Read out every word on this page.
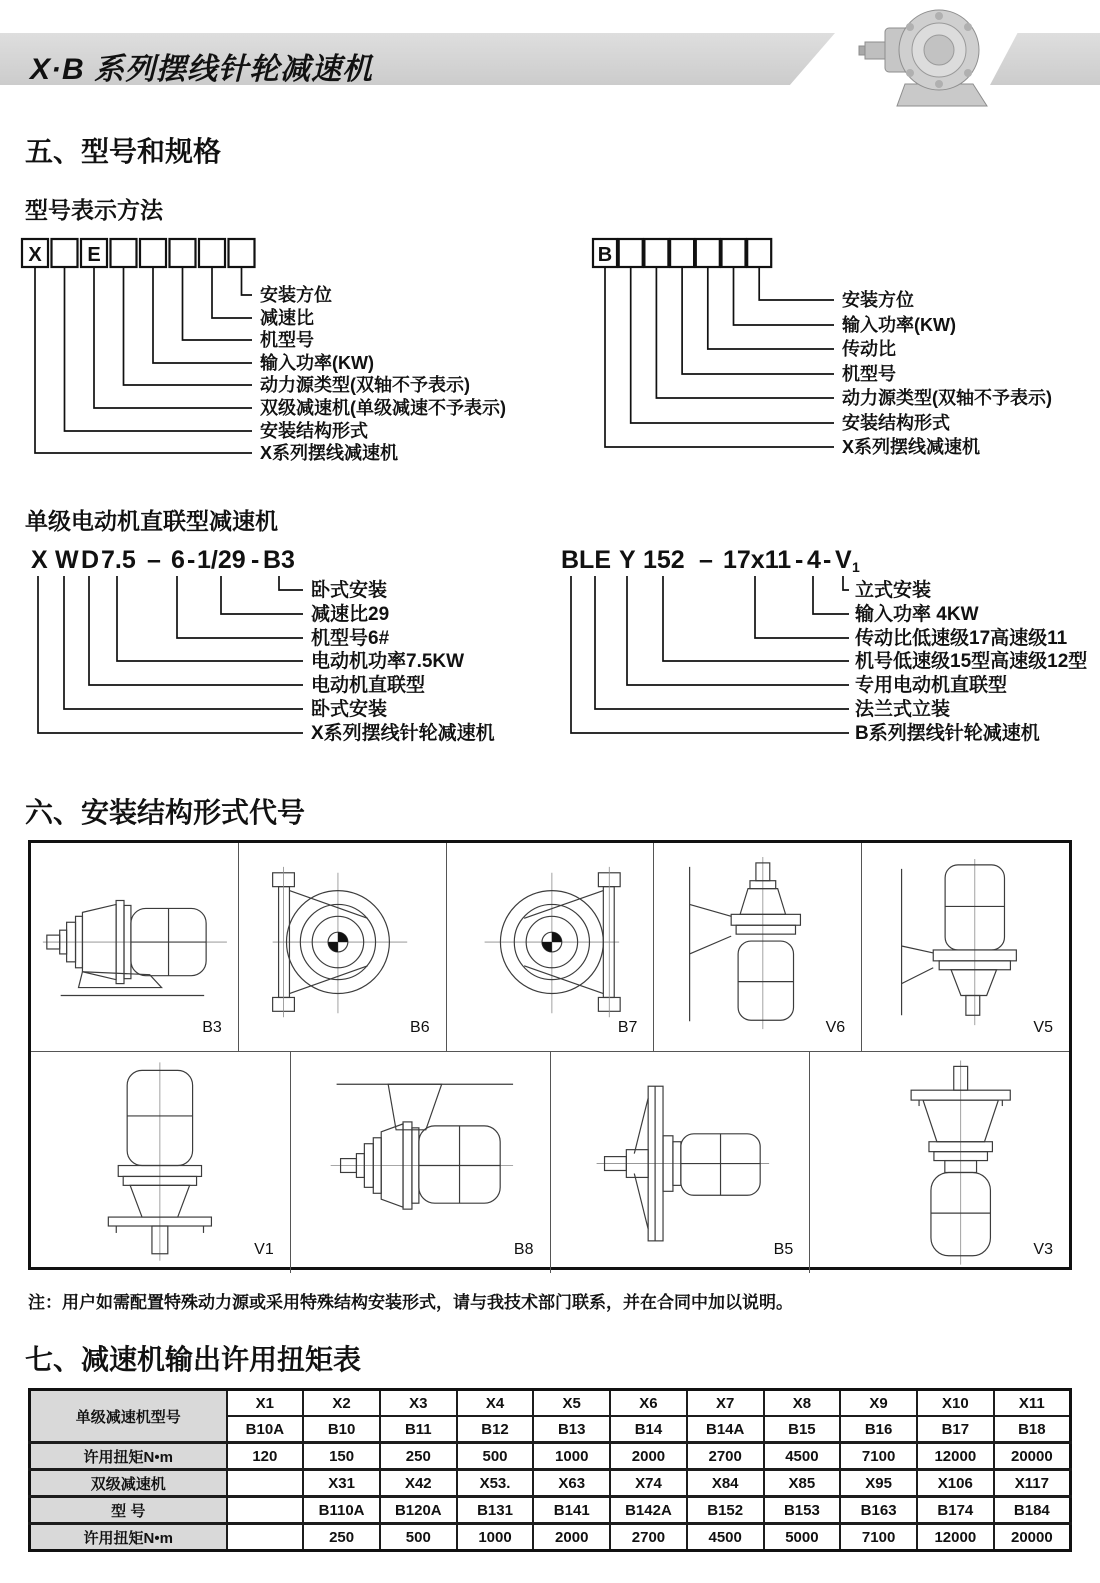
X·B 系列摆线针轮减速机
五、型号和规格
型号表示方法
X E
安装方位
减速比
机型号
输入功率(KW)
动力源类型(双轴不予表示)
双级减速机(单级减速不予表示)
安装结构形式
X系列摆线减速机
B
安装方位
输入功率(KW)
传动比
机型号
动力源类型(双轴不予表示)
安装结构形式
X系列摆线减速机
单级电动机直联型减速机
X W D 7.5 – 6 - 1/29 - B3
卧式安装
减速比29
机型号6#
电动机功率7.5KW
电动机直联型
卧式安装
X系列摆线针轮减速机
BLE Y 152 – 17x11 - 4 - V 1
立式安装
输入功率 4KW
传动比低速级17高速级11
机号低速级15型高速级12型
专用电动机直联型
法兰式立装
B系列摆线针轮减速机
六、安装结构形式代号
B3	B6	B7	V6	V5
V1	B8	B5	V3
注：用户如需配置特殊动力源或采用特殊结构安装形式，请与我技术部门联系，并在合同中加以说明。
七、减速机输出许用扭矩表
单级减速机型号	X1	X2	X3	X4	X5	X6	X7	X8	X9	X10	X11
	B10A	B10	B11	B12	B13	B14	B14A	B15	B16	B17	B18
许用扭矩N•m	120	150	250	500	1000	2000	2700	4500	7100	12000	20000
双级减速机		X31	X42	X53.	X63	X74	X84	X85	X95	X106	X117
型 号		B110A	B120A	B131	B141	B142A	B152	B153	B163	B174	B184
许用扭矩N•m		250	500	1000	2000	2700	4500	5000	7100	12000	20000
